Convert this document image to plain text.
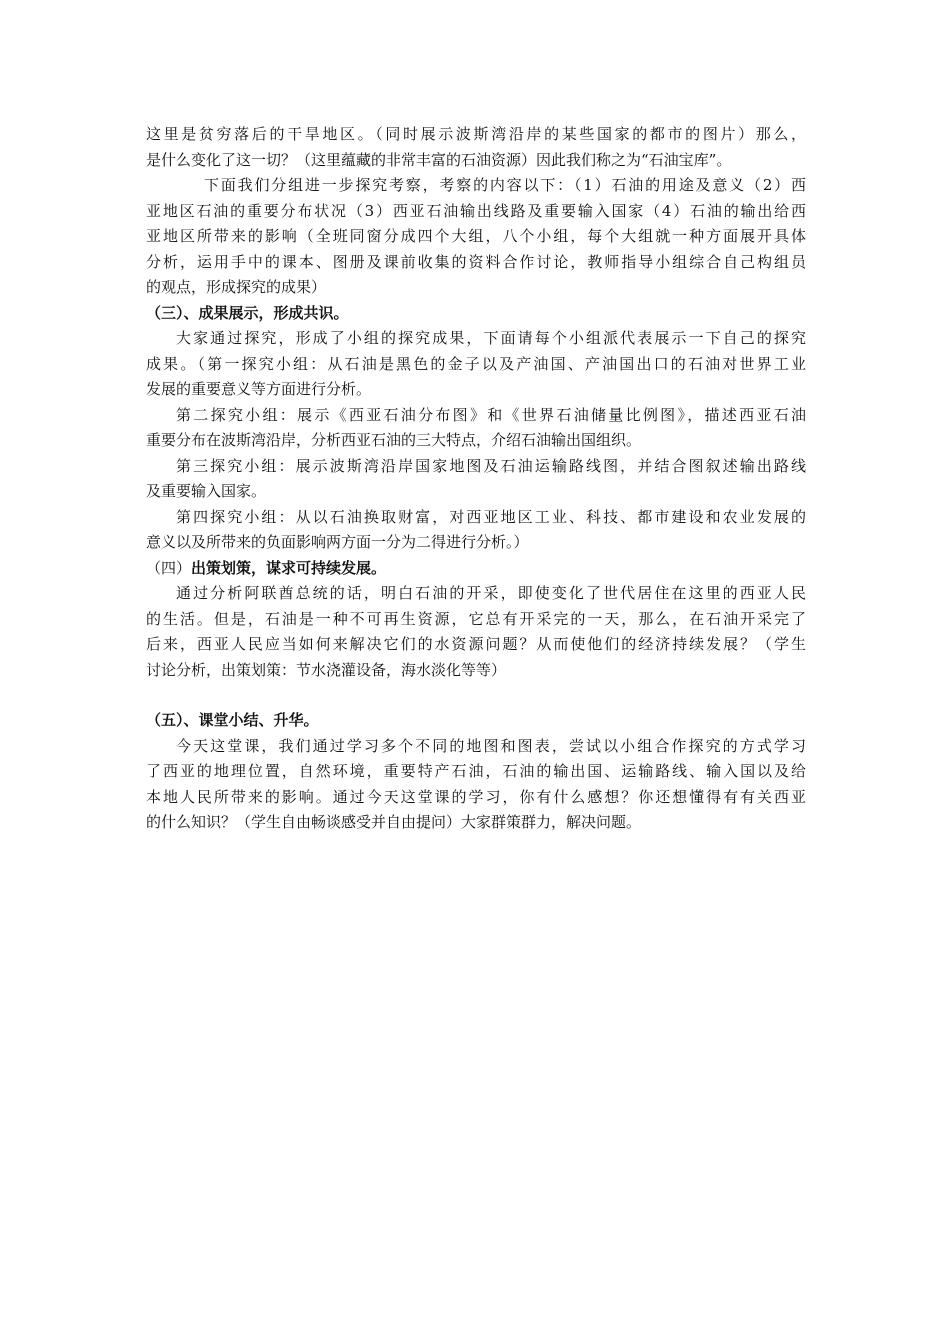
这里是贫穷落后的干旱地区。（同时展示波斯湾沿岸的某些国家的都市的图片）那么，
是什么变化了这一切？（这里蕴藏的非常丰富的石油资源）因此我们称之为“石油宝库”。
下面我们分组进一步探究考察，考察的内容以下：（1）石油的用途及意义（2）西
亚地区石油的重要分布状况（3）西亚石油输出线路及重要输入国家（4）石油的输出给西
亚地区所带来的影响（全班同窗分成四个大组，八个小组，每个大组就一种方面展开具体
分析，运用手中的课本、图册及课前收集的资料合作讨论，教师指导小组综合自己构组员
的观点，形成探究的成果）
（三）、成果展示，形成共识。
大家通过探究，形成了小组的探究成果，下面请每个小组派代表展示一下自己的探究
成果。（第一探究小组：从石油是黑色的金子以及产油国、产油国出口的石油对世界工业
发展的重要意义等方面进行分析。
第二探究小组：展示《西亚石油分布图》和《世界石油储量比例图》，描述西亚石油
重要分布在波斯湾沿岸，分析西亚石油的三大特点，介绍石油输出国组织。
第三探究小组：展示波斯湾沿岸国家地图及石油运输路线图，并结合图叙述输出路线
及重要输入国家。
第四探究小组：从以石油换取财富，对西亚地区工业、科技、都市建设和农业发展的
意义以及所带来的负面影响两方面一分为二得进行分析。）
（四）出策划策，谋求可持续发展。
通过分析阿联酋总统的话，明白石油的开采，即使变化了世代居住在这里的西亚人民
的生活。但是，石油是一种不可再生资源，它总有开采完的一天，那么，在石油开采完了
后来，西亚人民应当如何来解决它们的水资源问题？从而使他们的经济持续发展？（学生
讨论分析，出策划策：节水浇灌设备，海水淡化等等）
（五）、课堂小结、升华。
今天这堂课，我们通过学习多个不同的地图和图表，尝试以小组合作探究的方式学习
了西亚的地理位置，自然环境，重要特产石油，石油的输出国、运输路线、输入国以及给
本地人民所带来的影响。通过今天这堂课的学习，你有什么感想？你还想懂得有有关西亚
的什么知识？（学生自由畅谈感受并自由提问）大家群策群力，解决问题。
